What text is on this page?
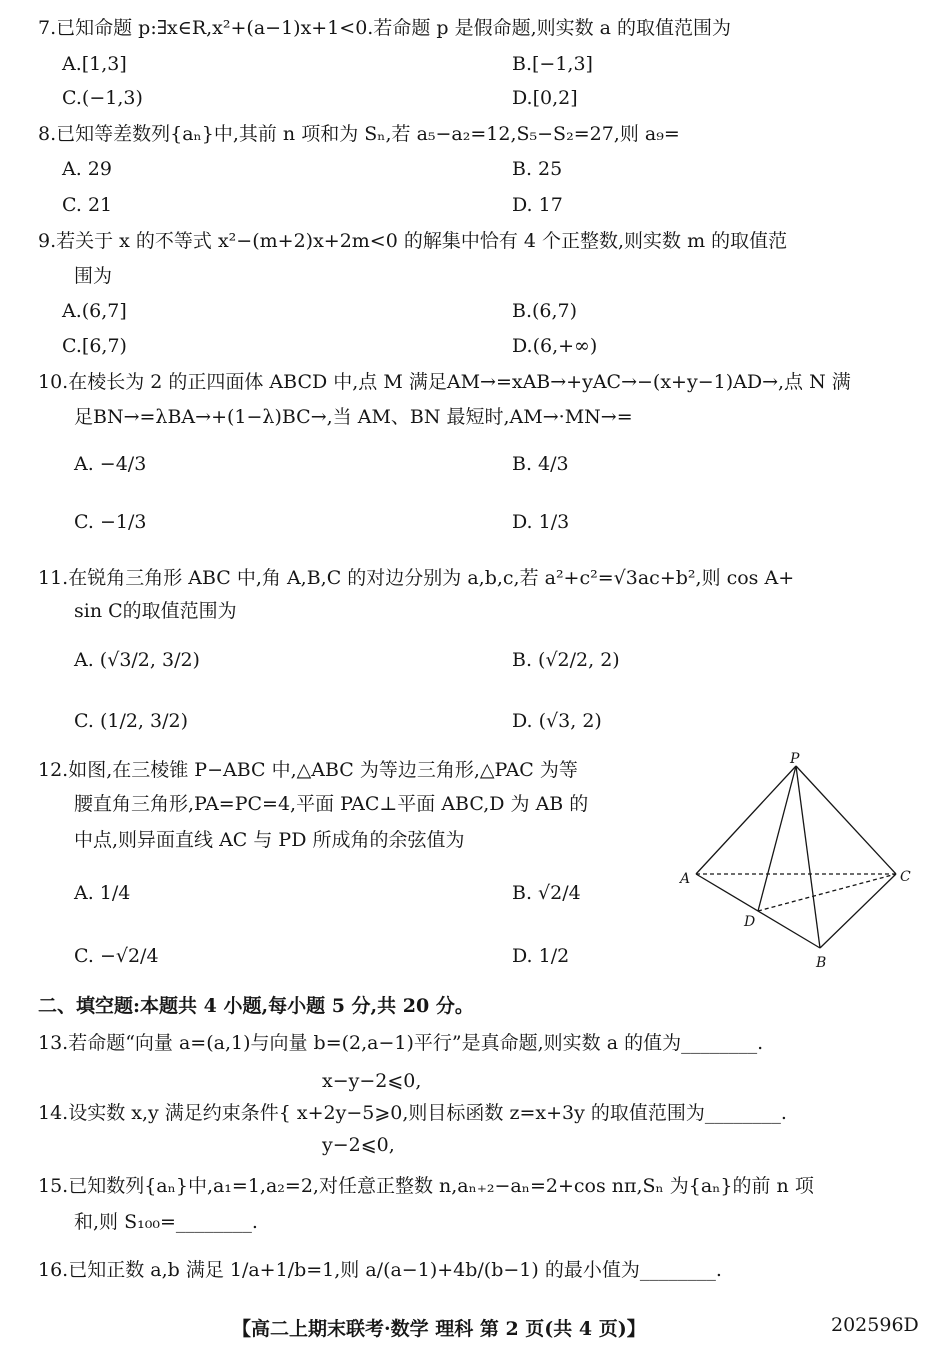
7.已知命题 p:∃x∈R,x²+(a−1)x+1<0.若命题 p 是假命题,则实数 a 的取值范围为
A.[1,3]	B.[−1,3]
C.(−1,3)	D.[0,2]
8.已知等差数列{aₙ}中,其前 n 项和为 Sₙ,若 a₅−a₂=12,S₅−S₂=27,则 a₉=
A. 29	B. 25
C. 21	D. 17
9.若关于 x 的不等式 x²−(m+2)x+2m<0 的解集中恰有 4 个正整数,则实数 m 的取值范
围为
A.(6,7]	B.(6,7)
C.[6,7)	D.(6,+∞)
10.在棱长为 2 的正四面体 ABCD 中,点 M 满足AM→=xAB→+yAC→−(x+y−1)AD→,点 N 满
足BN→=λBA→+(1−λ)BC→,当 AM、BN 最短时,AM→·MN→=
A. −4/3	B. 4/3
C. −1/3	D. 1/3
11.在锐角三角形 ABC 中,角 A,B,C 的对边分别为 a,b,c,若 a²+c²=√3ac+b²,则 cos A+
sin C的取值范围为
A. (√3/2, 3/2)	B. (√2/2, 2)
C. (1/2, 3/2)	D. (√3, 2)
12.如图,在三棱锥 P−ABC 中,△ABC 为等边三角形,△PAC 为等
腰直角三角形,PA=PC=4,平面 PAC⊥平面 ABC,D 为 AB 的
中点,则异面直线 AC 与 PD 所成角的余弦值为
A. 1/4	B. √2/4
C. −√2/4	D. 1/2
P
A	C
D
B
二、填空题:本题共 4 小题,每小题 5 分,共 20 分。
13.若命题“向量 a=(a,1)与向量 b=(2,a−1)平行”是真命题,则实数 a 的值为________.
x−y−2⩽0,
14.设实数 x,y 满足约束条件{ x+2y−5⩾0,则目标函数 z=x+3y 的取值范围为________.
y−2⩽0,
15.已知数列{aₙ}中,a₁=1,a₂=2,对任意正整数 n,aₙ₊₂−aₙ=2+cos nπ,Sₙ 为{aₙ}的前 n 项
和,则 S₁₀₀=________.
16.已知正数 a,b 满足 1/a+1/b=1,则 a/(a−1)+4b/(b−1) 的最小值为________.
【高二上期末联考·数学 理科 第 2 页(共 4 页)】	202596D
